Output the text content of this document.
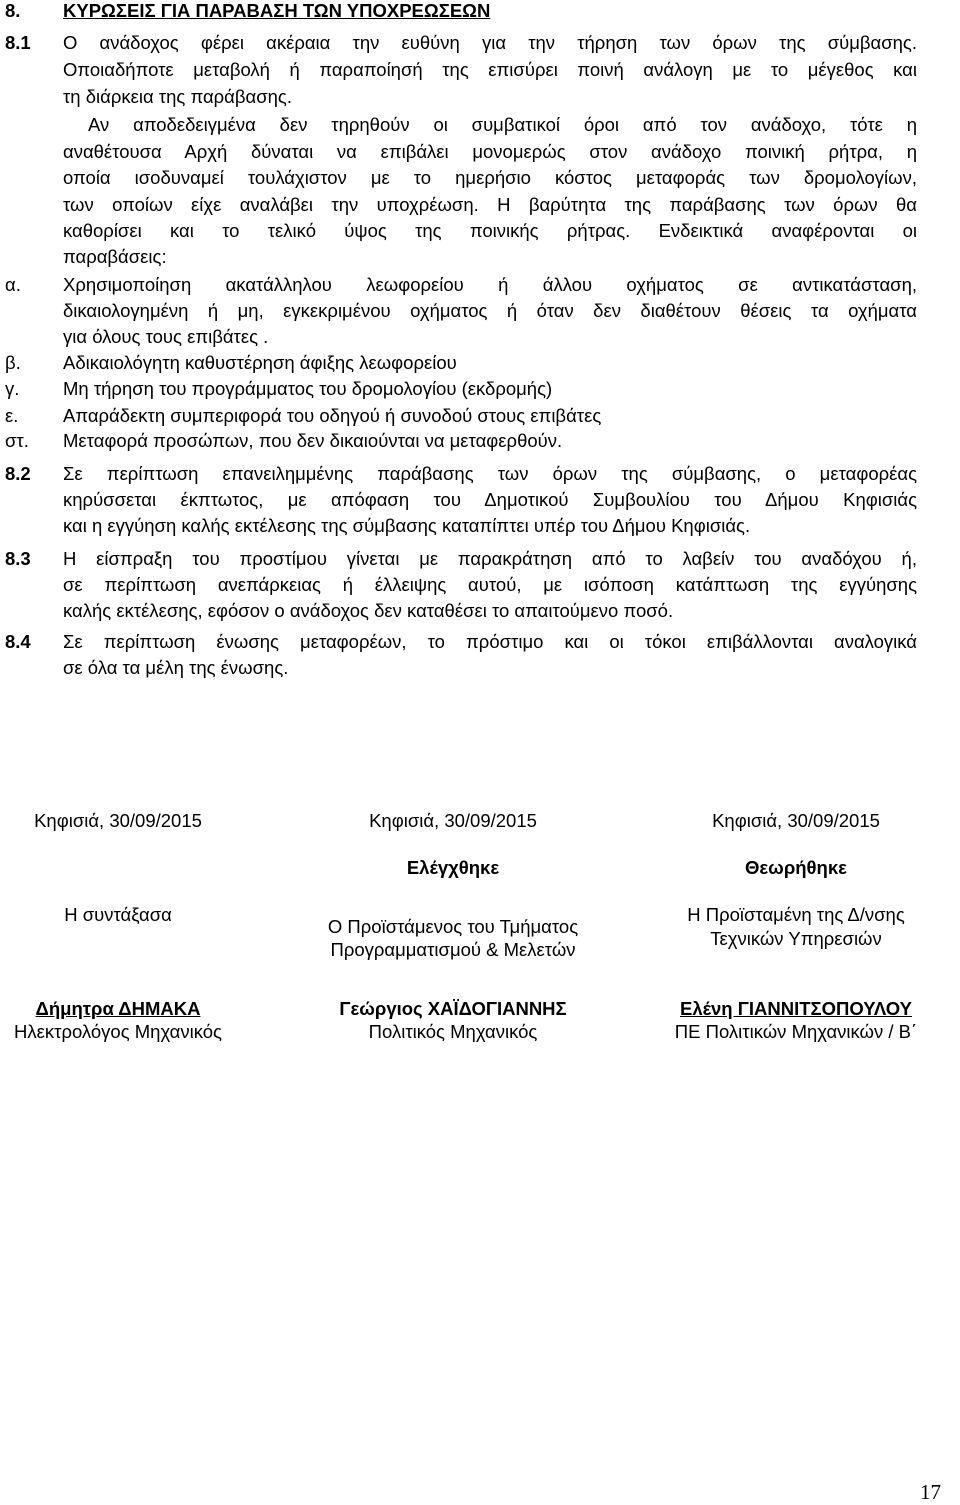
8. ΚΥΡΩΣΕΙΣ ΓΙΑ ΠΑΡΑΒΑΣΗ ΤΩΝ ΥΠΟΧΡΕΩΣΕΩΝ
8.1 Ο ανάδοχος φέρει ακέραια την ευθύνη για την τήρηση των όρων της σύμβασης.
Οποιαδήποτε μεταβολή ή παραποίησή της επισύρει ποινή ανάλογη με το μέγεθος και
τη διάρκεια της παράβασης.
Αν αποδεδειγμένα δεν τηρηθούν οι συμβατικοί όροι από τον ανάδοχο, τότε η
αναθέτουσα Αρχή δύναται να επιβάλει μονομερώς στον ανάδοχο ποινική ρήτρα, η
οποία ισοδυναμεί τουλάχιστον με το ημερήσιο κόστος μεταφοράς των δρομολογίων,
των οποίων είχε αναλάβει την υποχρέωση. Η βαρύτητα της παράβασης των όρων θα
καθορίσει και το τελικό ύψος της ποινικής ρήτρας. Ενδεικτικά αναφέρονται οι
παραβάσεις:
α. Χρησιμοποίηση ακατάλληλου λεωφορείου ή άλλου οχήματος σε αντικατάσταση,
δικαιολογημένη ή μη, εγκεκριμένου οχήματος ή όταν δεν διαθέτουν θέσεις τα οχήματα
για όλους τους επιβάτες .
β. Αδικαιολόγητη καθυστέρηση άφιξης λεωφορείου
γ. Μη τήρηση του προγράμματος του δρομολογίου (εκδρομής)
ε. Απαράδεκτη συμπεριφορά του οδηγού ή συνοδού στους επιβάτες
στ. Μεταφορά προσώπων, που δεν δικαιούνται να μεταφερθούν.
8.2 Σε περίπτωση επανειλημμένης παράβασης των όρων της σύμβασης, ο μεταφορέας
κηρύσσεται έκπτωτος, με απόφαση του Δημοτικού Συμβουλίου του Δήμου Κηφισιάς
και η εγγύηση καλής εκτέλεσης της σύμβασης καταπίπτει υπέρ του Δήμου Κηφισιάς.
8.3 Η είσπραξη του προστίμου γίνεται με παρακράτηση από το λαβείν του αναδόχου ή,
σε περίπτωση ανεπάρκειας ή έλλειψης αυτού, με ισόποση κατάπτωση της εγγύησης
καλής εκτέλεσης, εφόσον ο ανάδοχος δεν καταθέσει το απαιτούμενο ποσό.
8.4 Σε περίπτωση ένωσης μεταφορέων, το πρόστιμο και οι τόκοι επιβάλλονται αναλογικά
σε όλα τα μέλη της ένωσης.
Κηφισιά, 30/09/2015
Η συντάξασα
Δήμητρα ΔΗΜΑΚΑ
Ηλεκτρολόγος Μηχανικός
Κηφισιά, 30/09/2015
Ελέγχθηκε
Ο Προϊστάμενος του Τμήματος
Προγραμματισμού & Μελετών
Γεώργιος ΧΑΪΔΟΓΙΑΝΝΗΣ
Πολιτικός Μηχανικός
Κηφισιά, 30/09/2015
Θεωρήθηκε
Η Προϊσταμένη της Δ/νσης
Τεχνικών Υπηρεσιών
Ελένη ΓΙΑΝΝΙΤΣΟΠΟΥΛΟΥ
ΠΕ Πολιτικών Μηχανικών / Β΄
17
